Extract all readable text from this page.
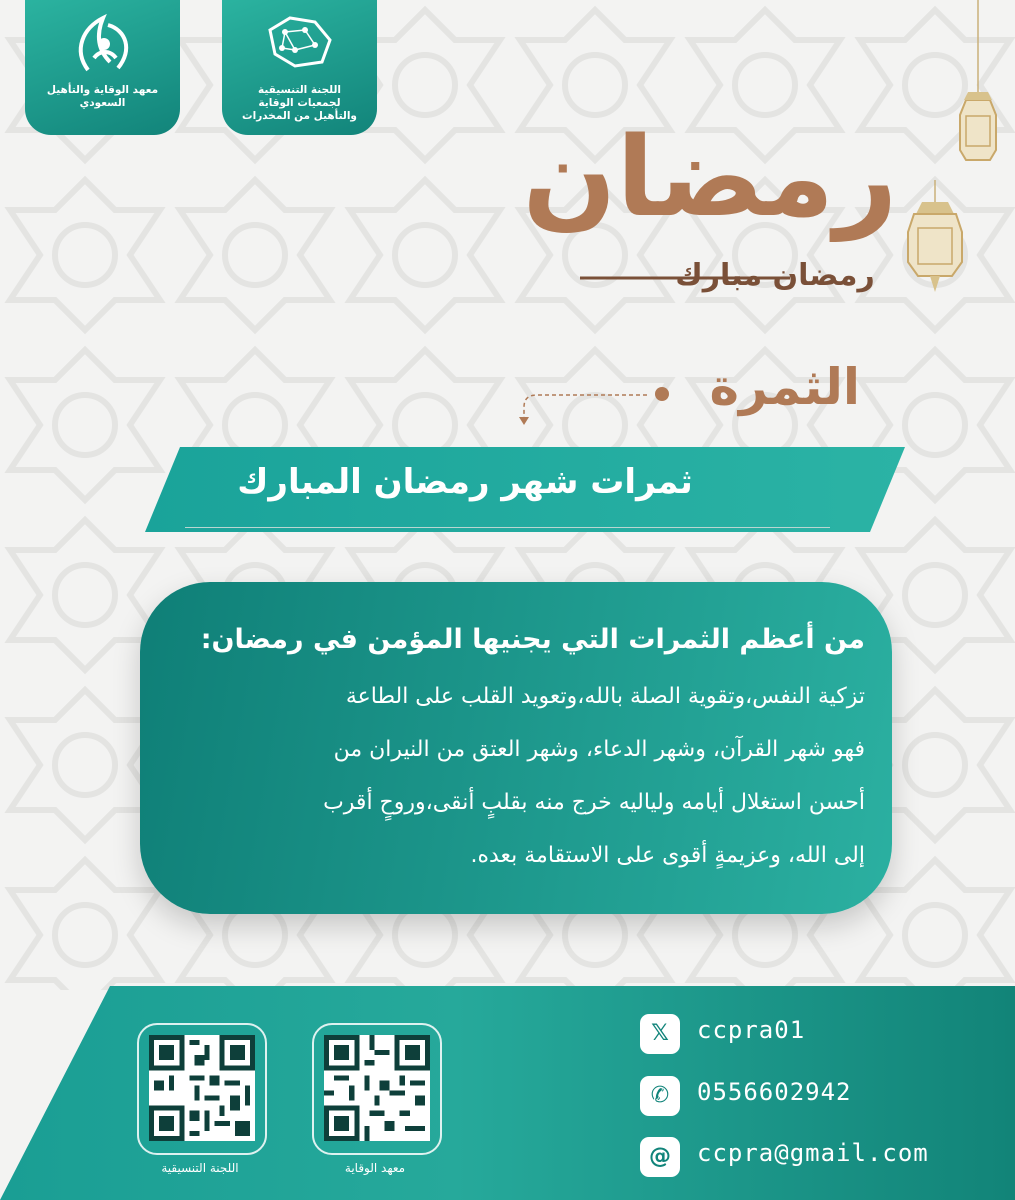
معهد الوقاية والتأهيل السعودي
اللجنة التنسيقية لجمعيات الوقاية والتأهيل من المخدرات رمضان
رمضان مبارك
الثمرة
ثمرات شهر رمضان المبارك
من أعظم الثمرات التي يجنيها المؤمن في رمضان:
تزكية النفس،وتقوية الصلة بالله،وتعويد القلب على الطاعة
فهو شهر القرآن، وشهر الدعاء، وشهر العتق من النيران من
أحسن استغلال أيامه ولياليه خرج منه بقلبٍ أنقى،وروحٍ أقرب
إلى الله، وعزيمةٍ أقوى على الاستقامة بعده.
اللجنة التنسيقية	معهد الوقاية
𝕏	ccpra01
✆	0556602942
@	ccpra@gmail.com
